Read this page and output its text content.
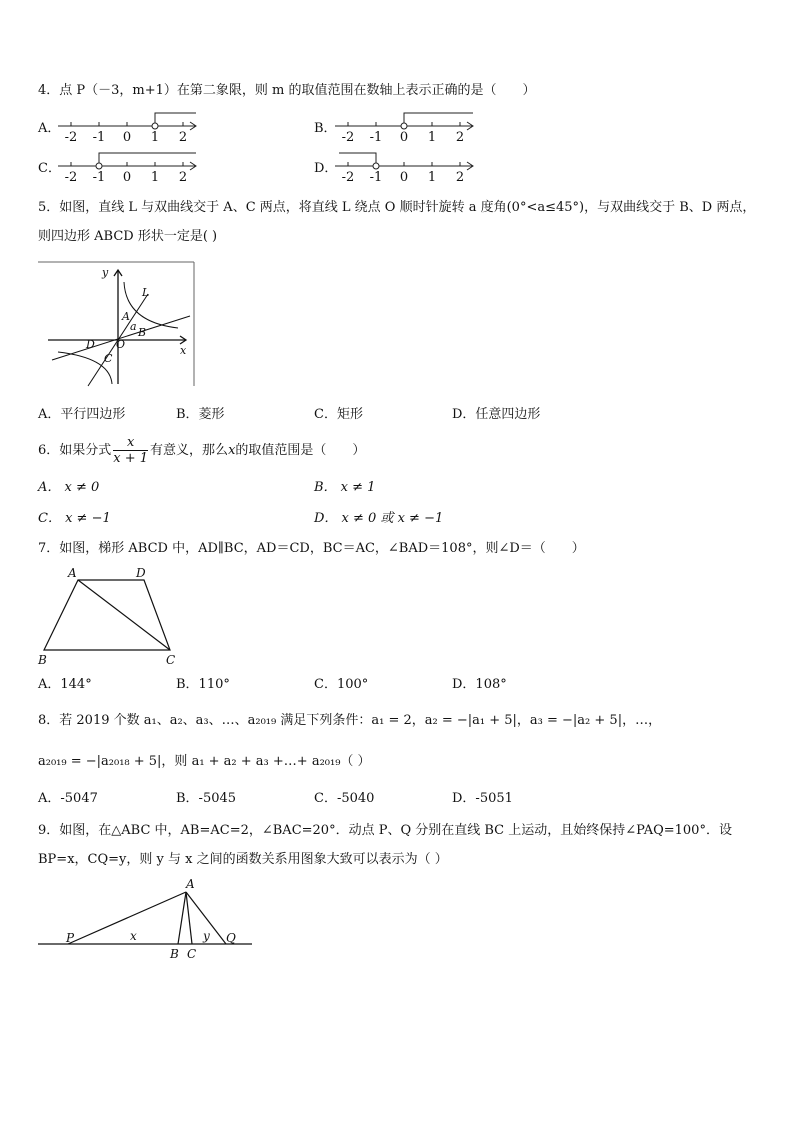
4．点 P（－3，m+1）在第二象限，则 m 的取值范围在数轴上表示正确的是（　　）
A．
-2 -1 0 1 2
B．
-2 -1 0 1 2
C．
-2 -1 0 1 2
D．
-2 -1 0 1 2
5．如图，直线 L 与双曲线交于 A、C 两点，将直线 L 绕点 O 顺时针旋转 a 度角(0°<a≤45°)，与双曲线交于 B、D 两点，
则四边形 ABCD 形状一定是( )
y
x
L
A
a B
O
D
C
A．平行四边形	B．菱形	C．矩形	D．任意四边形
6．如果分式 $\frac{x}{x + 1}$ 有意义，那么x的取值范围是（　　）
A． x ≠ 0	B． x ≠ 1
C． x ≠ −1	D． x ≠ 0 或 x ≠ −1
7．如图，梯形 ABCD 中，AD∥BC，AD＝CD，BC＝AC，∠BAD＝108°，则∠D＝（　　）
A	D
B	C
A．144°	B．110°	C．100°	D．108°
8．若 2019 个数 a₁、a₂、a₃、…、a₂₀₁₉ 满足下列条件：a₁ = 2，a₂ = −|a₁ + 5|，a₃ = −|a₂ + 5|，…，
a₂₀₁₉ = −|a₂₀₁₈ + 5|，则 a₁ + a₂ + a₃ +…+ a₂₀₁₉（ ）
A．-5047	B．-5045	C．-5040	D．-5051
9．如图，在△ABC 中，AB=AC=2，∠BAC=20°．动点 P、Q 分别在直线 BC 上运动，且始终保持∠PAQ=100°．设
BP=x，CQ=y，则 y 与 x 之间的函数关系用图象大致可以表示为（ ）
A
P	x
B C
y Q
